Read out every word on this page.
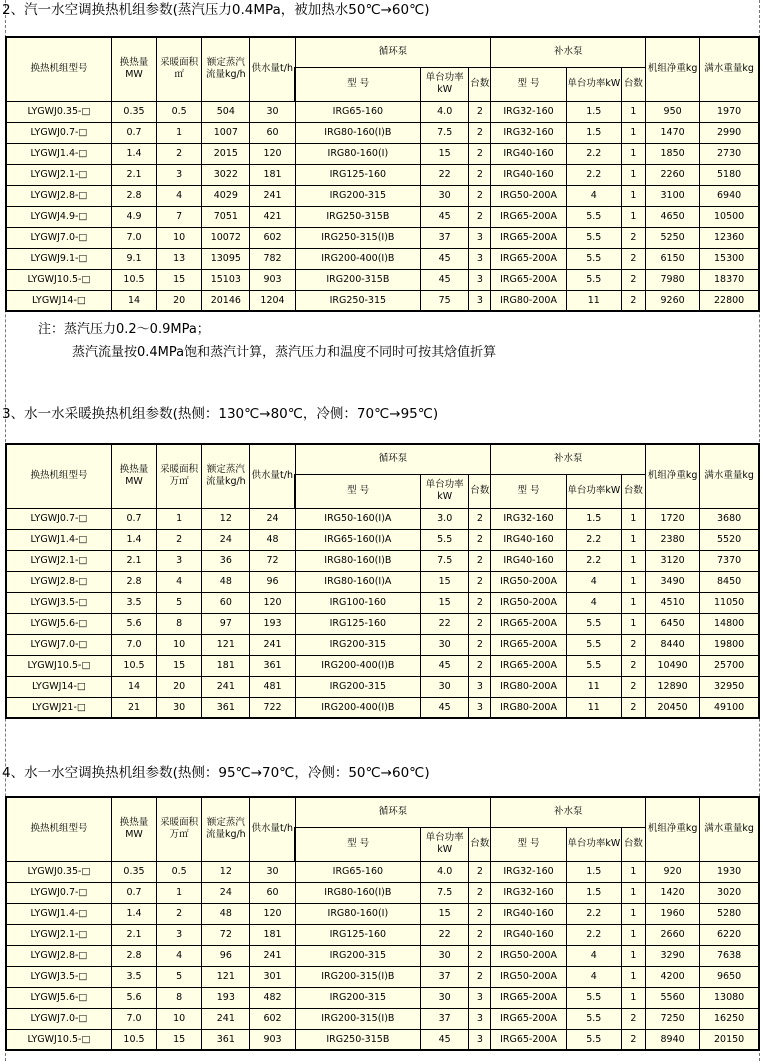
2、汽一水空调换热机组参数(蒸汽压力0.4MPa，被加热水50℃→60℃)
换热机组型号	换热量MW	采暖面积㎡	额定蒸汽流量kg/h	供水量t/h	循环泵			补水泵			机组净重kg	满水重量kg
					型 号	单台功率kW	台数	型 号	单台功率kW	台数		
LYGWJ0.35-□	0.35	0.5	504	30	IRG65-160	4.0	2	IRG32-160	1.5	1	950	1970
LYGWJ0.7-□	0.7	1	1007	60	IRG80-160(I)B	7.5	2	IRG32-160	1.5	1	1470	2990
LYGWJ1.4-□	1.4	2	2015	120	IRG80-160(I)	15	2	IRG40-160	2.2	1	1850	2730
LYGWJ2.1-□	2.1	3	3022	181	IRG125-160	22	2	IRG40-160	2.2	1	2260	5180
LYGWJ2.8-□	2.8	4	4029	241	IRG200-315	30	2	IRG50-200A	4	1	3100	6940
LYGWJ4.9-□	4.9	7	7051	421	IRG250-315B	45	2	IRG65-200A	5.5	1	4650	10500
LYGWJ7.0-□	7.0	10	10072	602	IRG250-315(I)B	37	3	IRG65-200A	5.5	2	5250	12360
LYGWJ9.1-□	9.1	13	13095	782	IRG200-400(I)B	45	3	IRG65-200A	5.5	2	6150	15300
LYGWJ10.5-□	10.5	15	15103	903	IRG200-315B	45	3	IRG65-200A	5.5	2	7980	18370
LYGWJ14-□	14	20	20146	1204	IRG250-315	75	3	IRG80-200A	11	2	9260	22800
注：蒸汽压力0.2～0.9MPa；
蒸汽流量按0.4MPa饱和蒸汽计算，蒸汽压力和温度不同时可按其焓值折算
3、水一水采暖换热机组参数(热侧：130℃→80℃，冷侧：70℃→95℃)
换热机组型号	换热量MW	采暖面积万㎡	额定蒸汽流量kg/h	供水量t/h	循环泵			补水泵			机组净重kg	满水重量kg
					型 号	单台功率kW	台数	型 号	单台功率kW	台数		
LYGWJ0.7-□	0.7	1	12	24	IRG50-160(I)A	3.0	2	IRG32-160	1.5	1	1720	3680
LYGWJ1.4-□	1.4	2	24	48	IRG65-160(I)A	5.5	2	IRG40-160	2.2	1	2380	5520
LYGWJ2.1-□	2.1	3	36	72	IRG80-160(I)B	7.5	2	IRG40-160	2.2	1	3120	7370
LYGWJ2.8-□	2.8	4	48	96	IRG80-160(I)A	15	2	IRG50-200A	4	1	3490	8450
LYGWJ3.5-□	3.5	5	60	120	IRG100-160	15	2	IRG50-200A	4	1	4510	11050
LYGWJ5.6-□	5.6	8	97	193	IRG125-160	22	2	IRG65-200A	5.5	1	6450	14800
LYGWJ7.0-□	7.0	10	121	241	IRG200-315	30	2	IRG65-200A	5.5	2	8440	19800
LYGWJ10.5-□	10.5	15	181	361	IRG200-400(I)B	45	2	IRG65-200A	5.5	2	10490	25700
LYGWJ14-□	14	20	241	481	IRG200-315	30	3	IRG80-200A	11	2	12890	32950
LYGWJ21-□	21	30	361	722	IRG200-400(I)B	45	3	IRG80-200A	11	2	20450	49100
4、水一水空调换热机组参数(热侧：95℃→70℃，冷侧：50℃→60℃)
换热机组型号	换热量MW	采暖面积万㎡	额定蒸汽流量kg/h	供水量t/h	循环泵			补水泵			机组净重kg	满水重量kg
					型 号	单台功率kW	台数	型 号	单台功率kW	台数		
LYGWJ0.35-□	0.35	0.5	12	30	IRG65-160	4.0	2	IRG32-160	1.5	1	920	1930
LYGWJ0.7-□	0.7	1	24	60	IRG80-160(I)B	7.5	2	IRG32-160	1.5	1	1420	3020
LYGWJ1.4-□	1.4	2	48	120	IRG80-160(I)	15	2	IRG40-160	2.2	1	1960	5280
LYGWJ2.1-□	2.1	3	72	181	IRG125-160	22	2	IRG40-160	2.2	1	2660	6220
LYGWJ2.8-□	2.8	4	96	241	IRG200-315	30	2	IRG50-200A	4	1	3290	7638
LYGWJ3.5-□	3.5	5	121	301	IRG200-315(I)B	37	2	IRG50-200A	4	1	4200	9650
LYGWJ5.6-□	5.6	8	193	482	IRG200-315	30	3	IRG65-200A	5.5	1	5560	13080
LYGWJ7.0-□	7.0	10	241	602	IRG200-315(I)B	37	3	IRG65-200A	5.5	2	7250	16250
LYGWJ10.5-□	10.5	15	361	903	IRG250-315B	45	3	IRG65-200A	5.5	2	8940	20150
